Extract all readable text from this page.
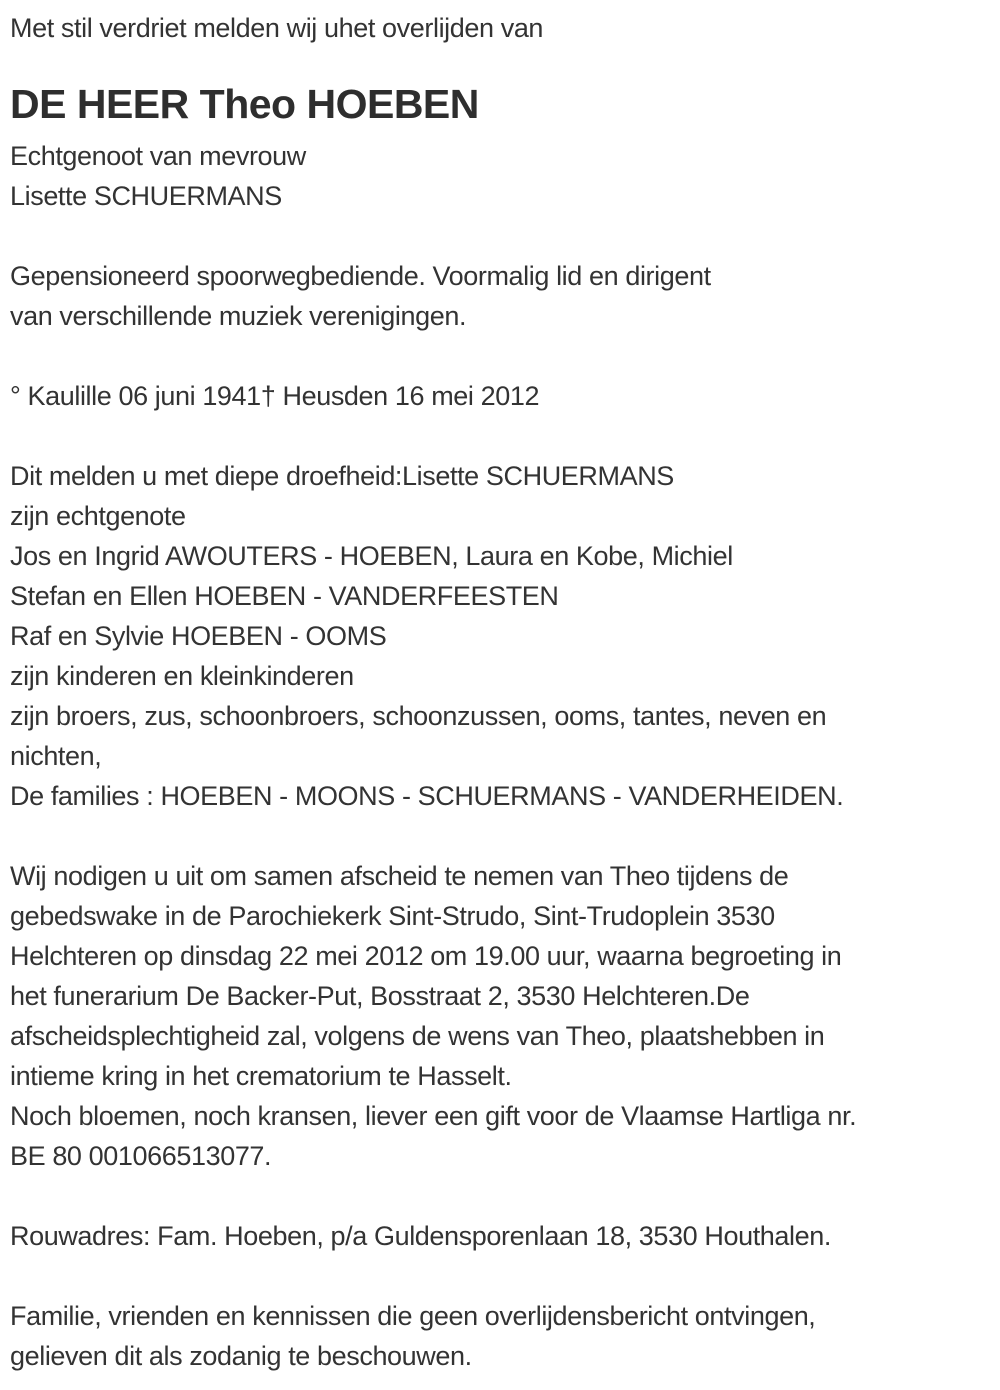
Met stil verdriet melden wij uhet overlijden van
DE HEER Theo HOEBEN
Echtgenoot van mevrouw
Lisette SCHUERMANS
Gepensioneerd spoorwegbediende. Voormalig lid en dirigent
van verschillende muziek verenigingen.
° Kaulille 06 juni 1941† Heusden 16 mei 2012
Dit melden u met diepe droefheid:Lisette SCHUERMANS
zijn echtgenote
Jos en Ingrid AWOUTERS - HOEBEN, Laura en Kobe, Michiel
Stefan en Ellen HOEBEN - VANDERFEESTEN
Raf en Sylvie HOEBEN - OOMS
zijn kinderen en kleinkinderen
zijn broers, zus, schoonbroers, schoonzussen, ooms, tantes, neven en
nichten,
De families : HOEBEN - MOONS - SCHUERMANS - VANDERHEIDEN.
Wij nodigen u uit om samen afscheid te nemen van Theo tijdens de
gebedswake in de Parochiekerk Sint-Strudo, Sint-Trudoplein 3530
Helchteren op dinsdag 22 mei 2012 om 19.00 uur, waarna begroeting in
het funerarium De Backer-Put, Bosstraat 2, 3530 Helchteren.De
afscheidsplechtigheid zal, volgens de wens van Theo, plaatshebben in
intieme kring in het crematorium te Hasselt.
Noch bloemen, noch kransen, liever een gift voor de Vlaamse Hartliga nr.
BE 80 001066513077.
Rouwadres: Fam. Hoeben, p/a Guldensporenlaan 18, 3530 Houthalen.
Familie, vrienden en kennissen die geen overlijdensbericht ontvingen,
gelieven dit als zodanig te beschouwen.
